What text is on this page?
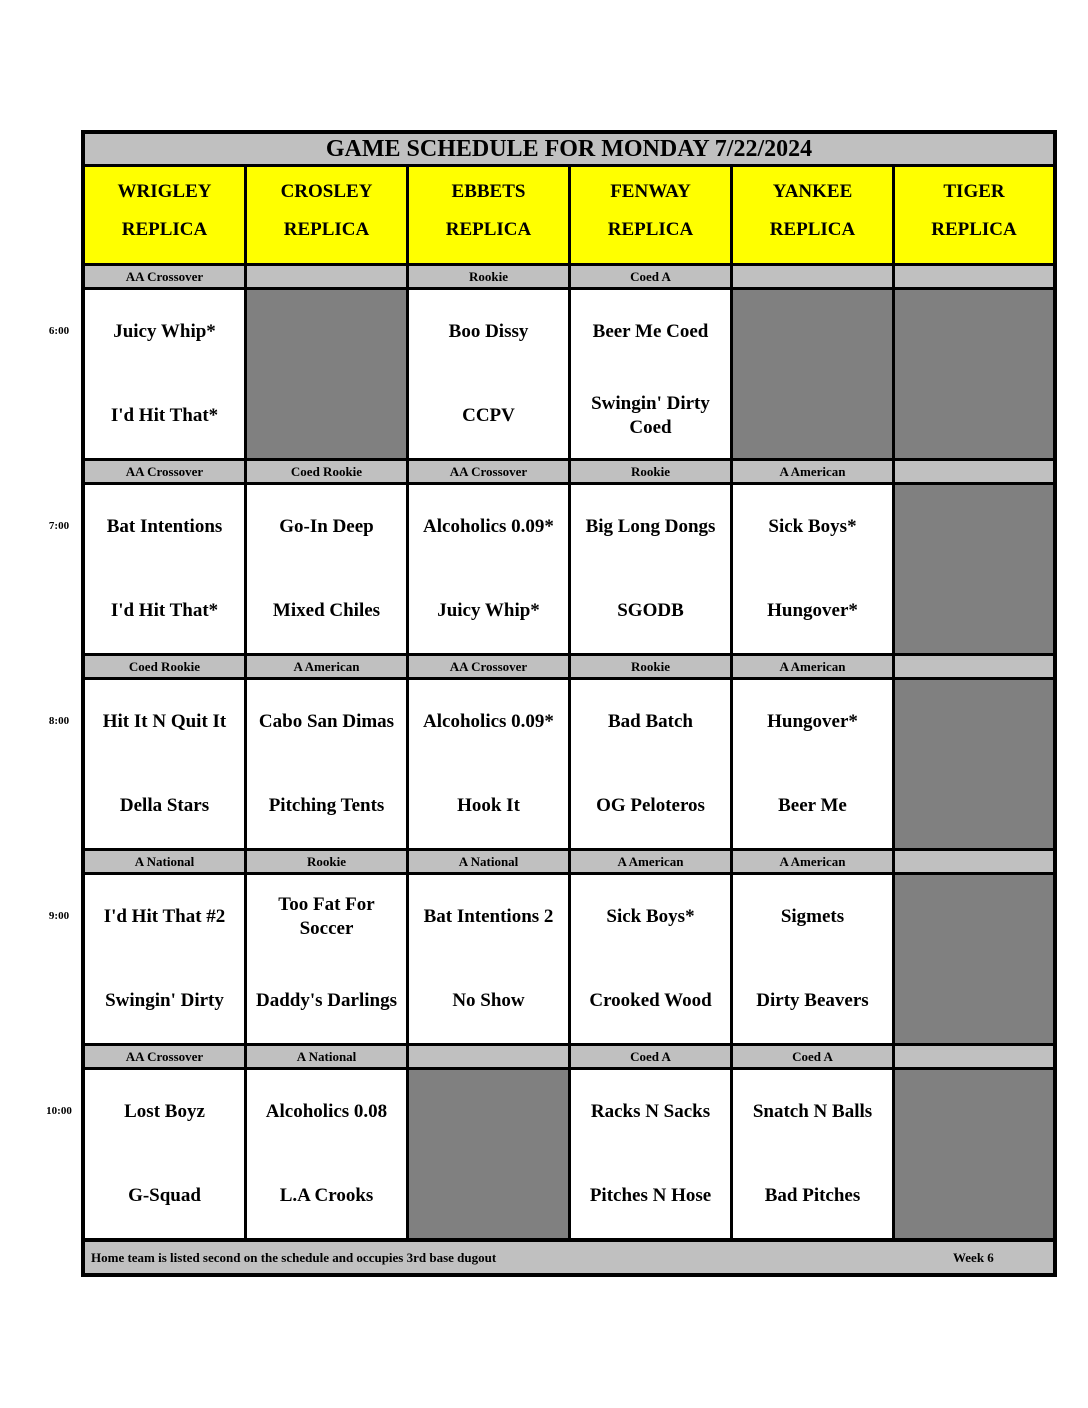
GAME SCHEDULE FOR MONDAY 7/22/2024
Home team is listed second on the schedule and occupies 3rd base dugout	Week 6
WRIGLEY
REPLICA
CROSLEY
REPLICA
EBBETS
REPLICA
FENWAY
REPLICA
YANKEE
REPLICA
TIGER
REPLICA
AA Crossover
Juicy Whip*
I'd Hit That*
Rookie
Boo Dissy
CCPV
Coed A
Beer Me Coed
Swingin' Dirty Coed
AA Crossover
Bat Intentions
I'd Hit That*
Coed Rookie
Go-In Deep
Mixed Chiles
AA Crossover
Alcoholics 0.09*
Juicy Whip*
Rookie
Big Long Dongs
SGODB
A American
Sick Boys*
Hungover*
Coed Rookie
Hit It N Quit It
Della Stars
A American
Cabo San Dimas
Pitching Tents
AA Crossover
Alcoholics 0.09*
Hook It
Rookie
Bad Batch
OG Peloteros
A American
Hungover*
Beer Me
A National
I'd Hit That #2
Swingin' Dirty
Rookie
Too Fat For Soccer
Daddy's Darlings
A National
Bat Intentions 2
No Show
A American
Sick Boys*
Crooked Wood
A American
Sigmets
Dirty Beavers
AA Crossover
Lost Boyz
G-Squad
A National
Alcoholics 0.08
L.A Crooks
Coed A
Racks N Sacks
Pitches N Hose
Coed A
Snatch N Balls
Bad Pitches
6:00
7:00
8:00
9:00
10:00
